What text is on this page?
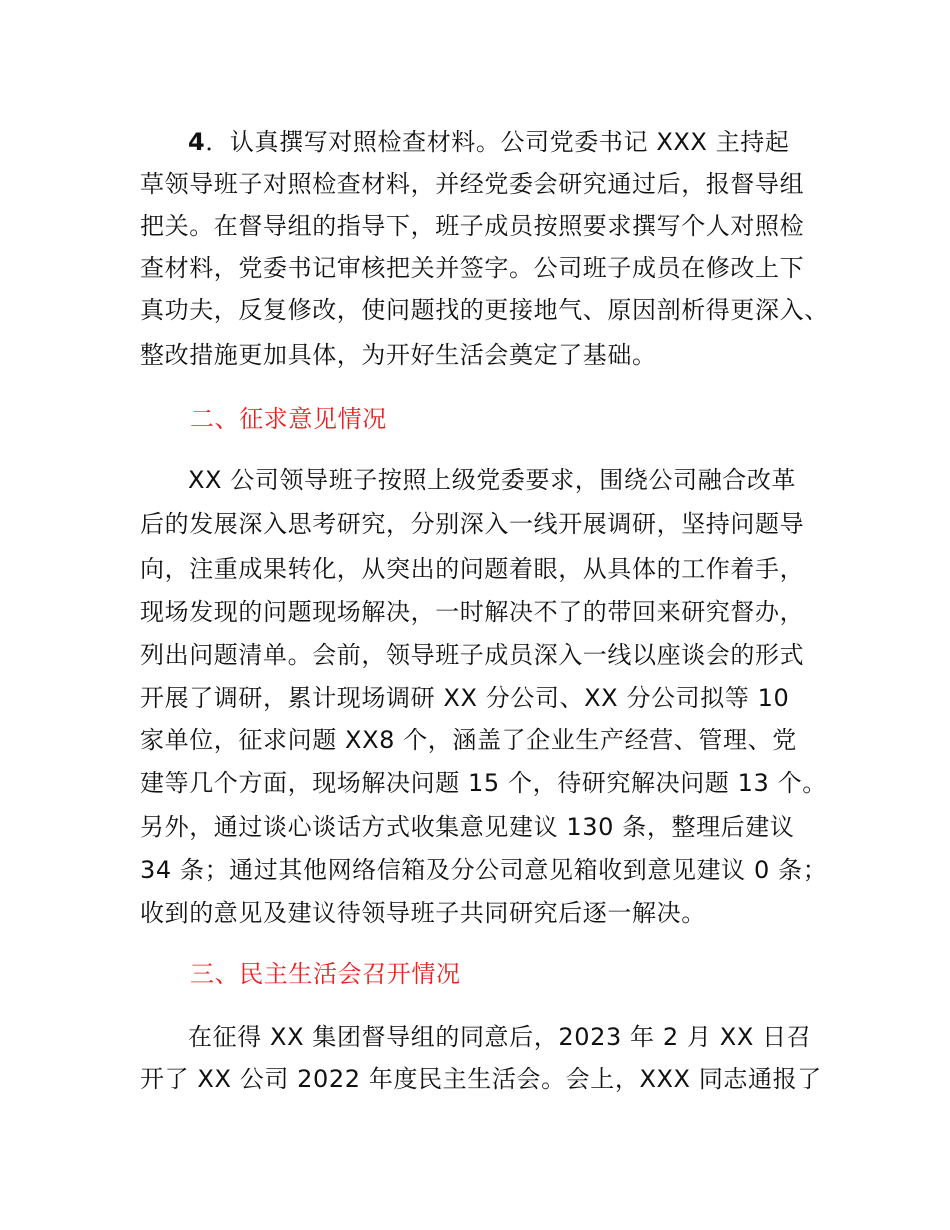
4．认真撰写对照检查材料。公司党委书记 XXX 主持起
草领导班子对照检查材料，并经党委会研究通过后，报督导组
把关。在督导组的指导下，班子成员按照要求撰写个人对照检
查材料，党委书记审核把关并签字。公司班子成员在修改上下
真功夫，反复修改，使问题找的更接地气、原因剖析得更深入、
整改措施更加具体，为开好生活会奠定了基础。
二、征求意见情况
XX 公司领导班子按照上级党委要求，围绕公司融合改革
后的发展深入思考研究，分别深入一线开展调研，坚持问题导
向，注重成果转化，从突出的问题着眼，从具体的工作着手，
现场发现的问题现场解决，一时解决不了的带回来研究督办，
列出问题清单。会前，领导班子成员深入一线以座谈会的形式
开展了调研，累计现场调研 XX 分公司、XX 分公司拟等 10
家单位，征求问题 XX8 个，涵盖了企业生产经营、管理、党
建等几个方面，现场解决问题 15 个，待研究解决问题 13 个。
另外，通过谈心谈话方式收集意见建议 130 条，整理后建议
34 条；通过其他网络信箱及分公司意见箱收到意见建议 0 条；
收到的意见及建议待领导班子共同研究后逐一解决。
三、民主生活会召开情况
在征得 XX 集团督导组的同意后，2023 年 2 月 XX 日召
开了 XX 公司 2022 年度民主生活会。会上，XXX 同志通报了
